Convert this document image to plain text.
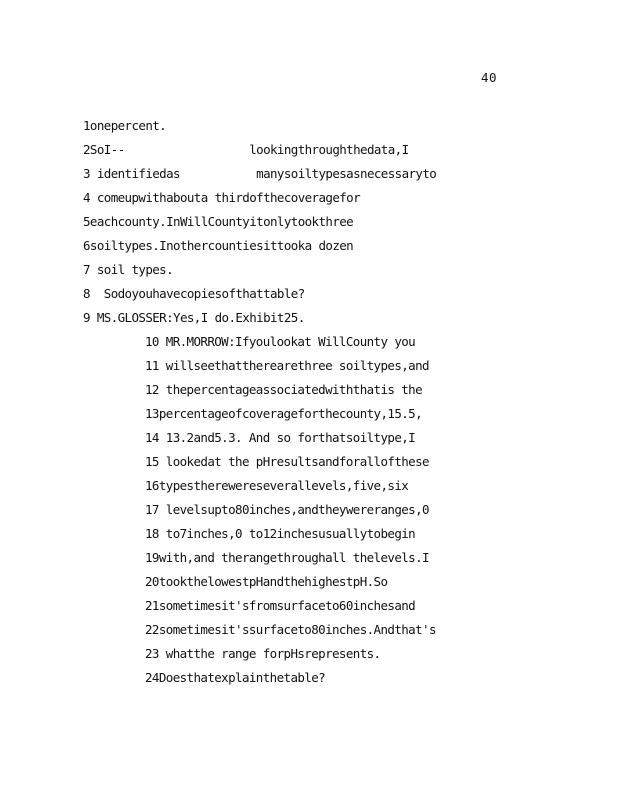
40
1onepercent.
2SoI--                  lookingthroughthedata,I
3 identifiedas           manysoiltypesasnecessaryto
4 comeupwithabouta thirdofthecoveragefor
5eachcounty.InWillCountyitonlytookthree
6soiltypes.Inothercountiesittooka dozen
7 soil types.
8  Sodoyouhavecopiesofthattable?
9 MS.GLOSSER:Yes,I do.Exhibit25.
10 MR.MORROW:Ifyoulookat WillCounty you
11 willseethattherearethree soiltypes,and
12 thepercentageassociatedwiththatis the
13percentageofcoverageforthecounty,15.5,
14 13.2and5.3. And so forthatsoiltype,I
15 lookedat the pHresultsandforallofthese
16typestherewereseverallevels,five,six
17 levelsupto80inches,andtheywereranges,0
18 to7inches,0 to12inchesusuallytobegin
19with,and therangethroughall thelevels.I
20tookthelowestpHandthehighestpH.So
21sometimesit'sfromsurfaceto60inchesand
22sometimesit'ssurfaceto80inches.Andthat's
23 whatthe range forpHsrepresents.
24Doesthatexplainthetable?
